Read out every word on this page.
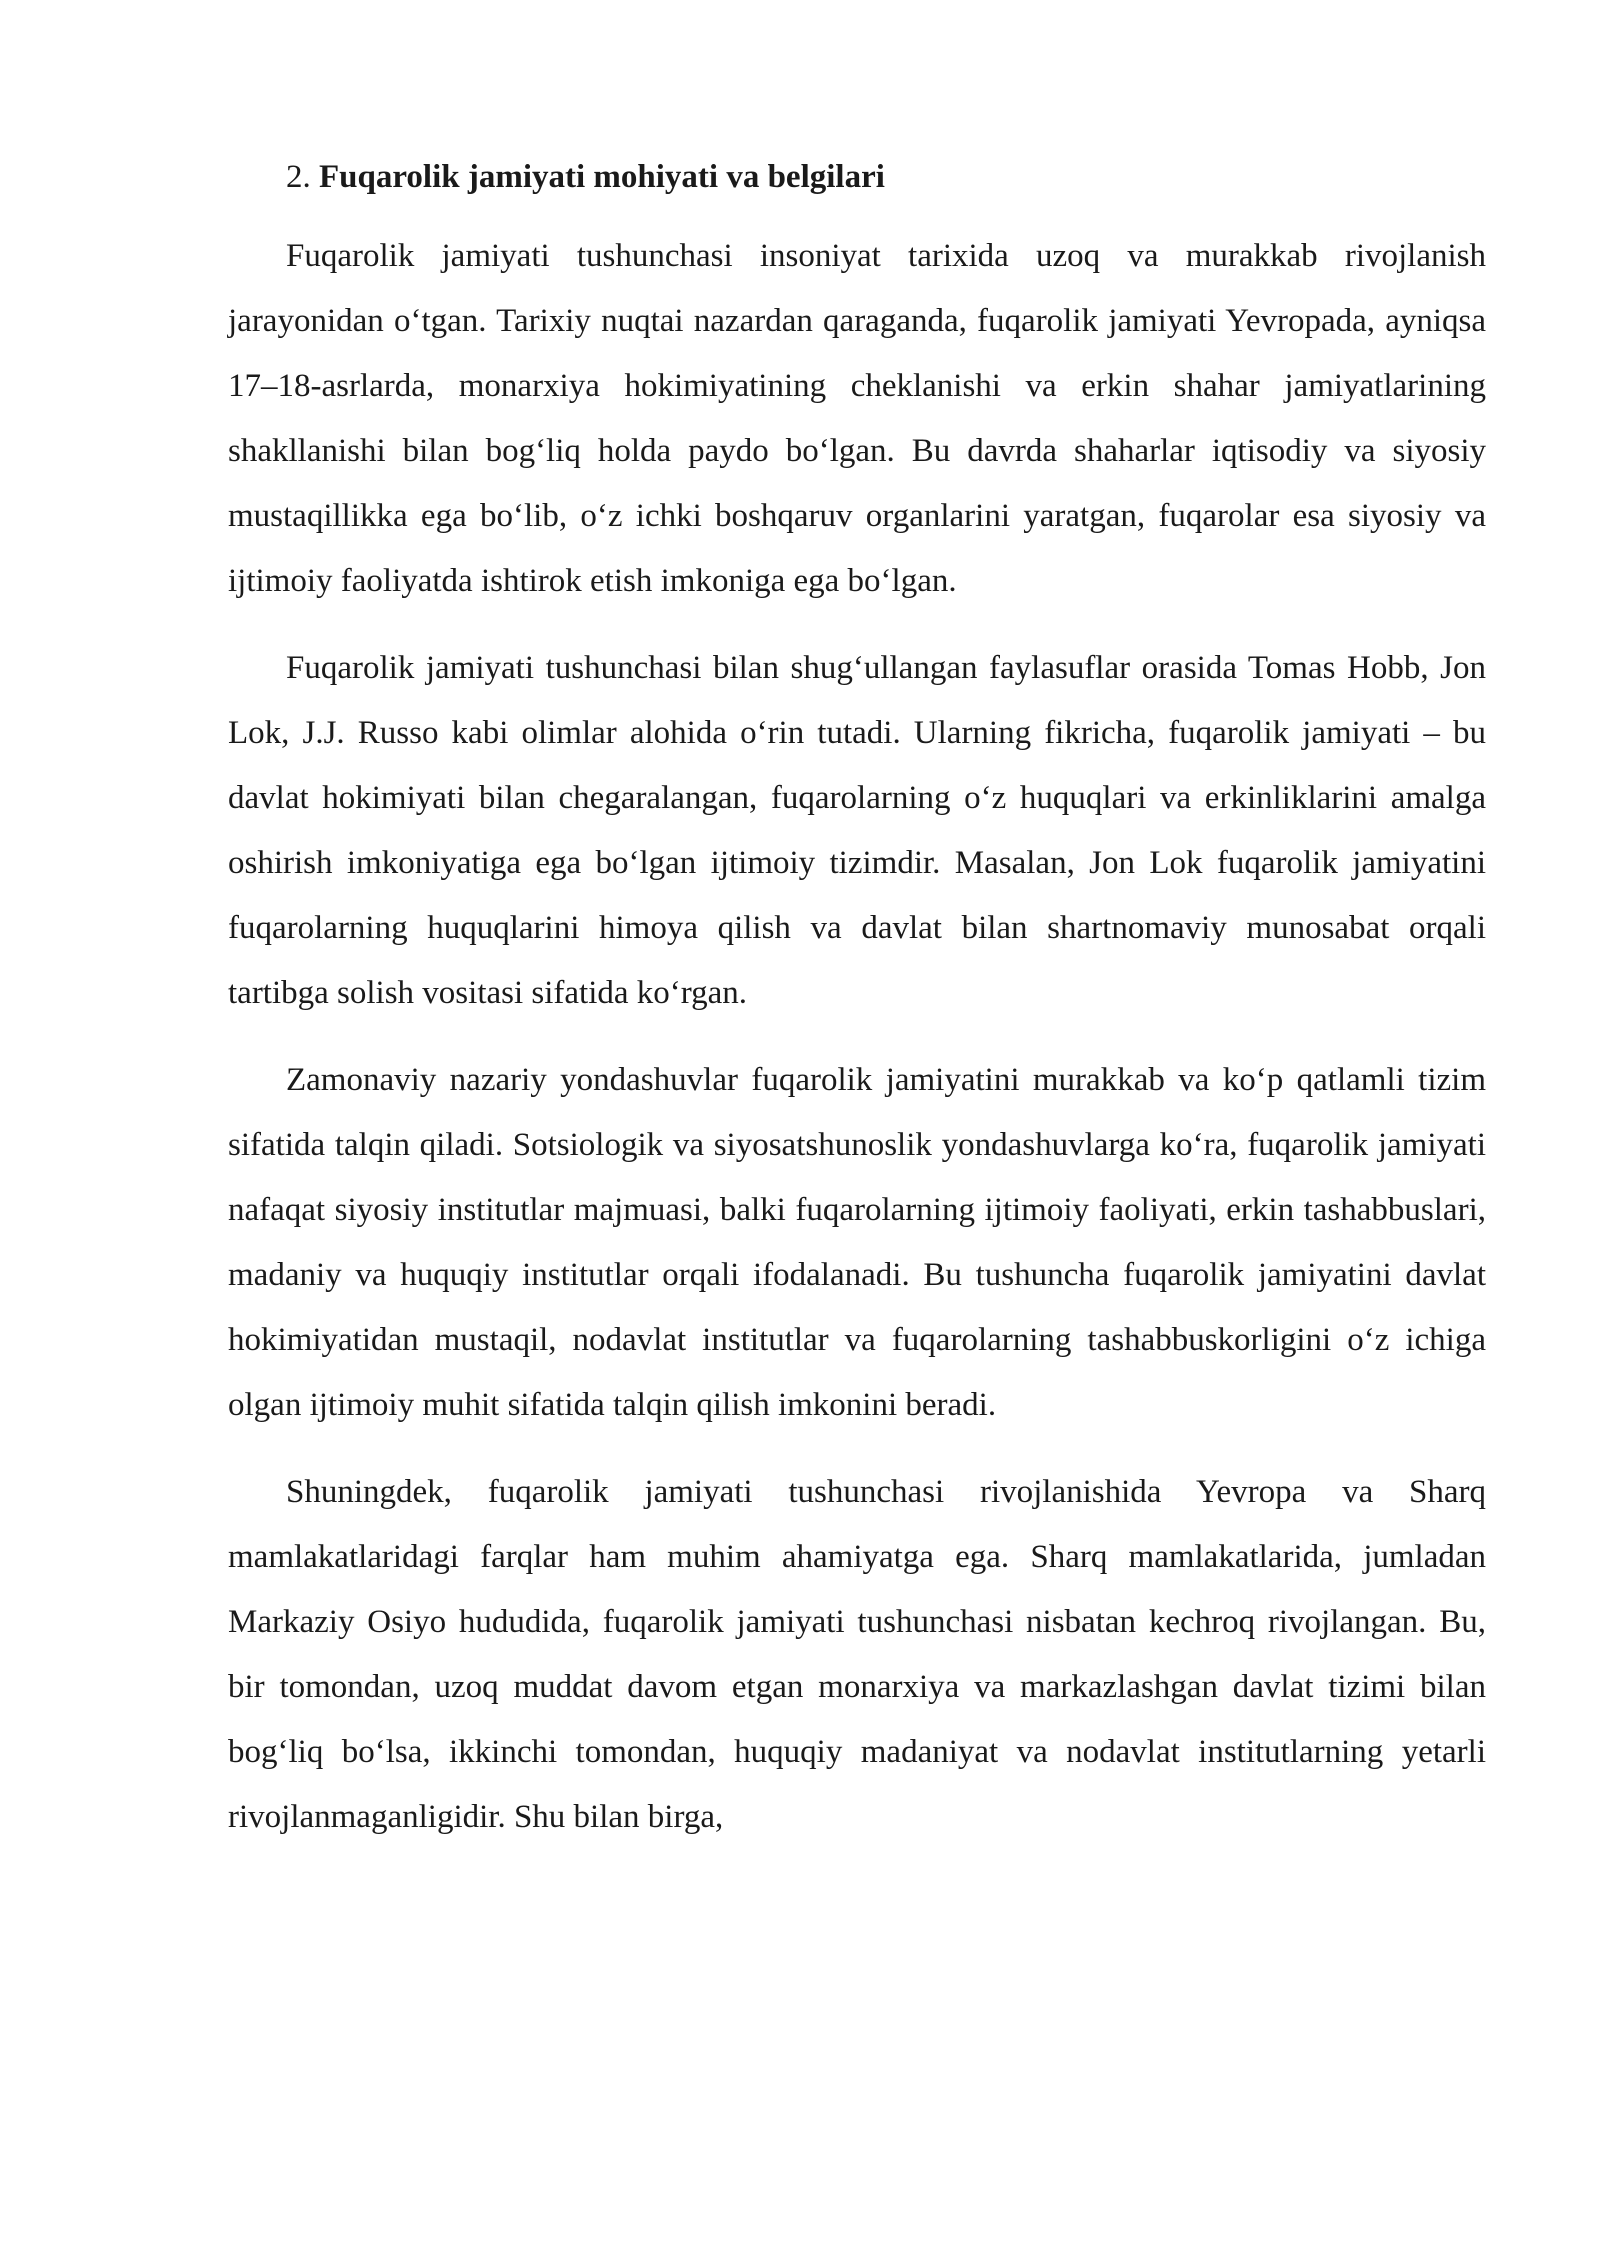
2. Fuqarolik jamiyati mohiyati va belgilari

Fuqarolik jamiyati tushunchasi insoniyat tarixida uzoq va murakkab rivojlanish jarayonidan o‘tgan. Tarixiy nuqtai nazardan qaraganda, fuqarolik jamiyati Yevropada, ayniqsa 17–18-asrlarda, monarxiya hokimiyatining cheklanishi va erkin shahar jamiyatlarining shakllanishi bilan bog‘liq holda paydo bo‘lgan. Bu davrda shaharlar iqtisodiy va siyosiy mustaqillikka ega bo‘lib, o‘z ichki boshqaruv organlarini yaratgan, fuqarolar esa siyosiy va ijtimoiy faoliyatda ishtirok etish imkoniga ega bo‘lgan.

Fuqarolik jamiyati tushunchasi bilan shug‘ullangan faylasuflar orasida Tomas Hobb, Jon Lok, J.J. Russo kabi olimlar alohida o‘rin tutadi. Ularning fikricha, fuqarolik jamiyati – bu davlat hokimiyati bilan chegaralangan, fuqarolarning o‘z huquqlari va erkinliklarini amalga oshirish imkoniyatiga ega bo‘lgan ijtimoiy tizimdir. Masalan, Jon Lok fuqarolik jamiyatini fuqarolarning huquqlarini himoya qilish va davlat bilan shartnomaviy munosabat orqali tartibga solish vositasi sifatida ko‘rgan.

Zamonaviy nazariy yondashuvlar fuqarolik jamiyatini murakkab va ko‘p qatlamli tizim sifatida talqin qiladi. Sotsiologik va siyosatshunoslik yondashuvlarga ko‘ra, fuqarolik jamiyati nafaqat siyosiy institutlar majmuasi, balki fuqarolarning ijtimoiy faoliyati, erkin tashabbuslari, madaniy va huquqiy institutlar orqali ifodalanadi. Bu tushuncha fuqarolik jamiyatini davlat hokimiyatidan mustaqil, nodavlat institutlar va fuqarolarning tashabbuskorligini o‘z ichiga olgan ijtimoiy muhit sifatida talqin qilish imkonini beradi.

Shuningdek, fuqarolik jamiyati tushunchasi rivojlanishida Yevropa va Sharq mamlakatlaridagi farqlar ham muhim ahamiyatga ega. Sharq mamlakatlarida, jumladan Markaziy Osiyo hududida, fuqarolik jamiyati tushunchasi nisbatan kechroq rivojlangan. Bu, bir tomondan, uzoq muddat davom etgan monarxiya va markazlashgan davlat tizimi bilan bog‘liq bo‘lsa, ikkinchi tomondan, huquqiy madaniyat va nodavlat institutlarning yetarli rivojlanmaganligidir. Shu bilan birga,
